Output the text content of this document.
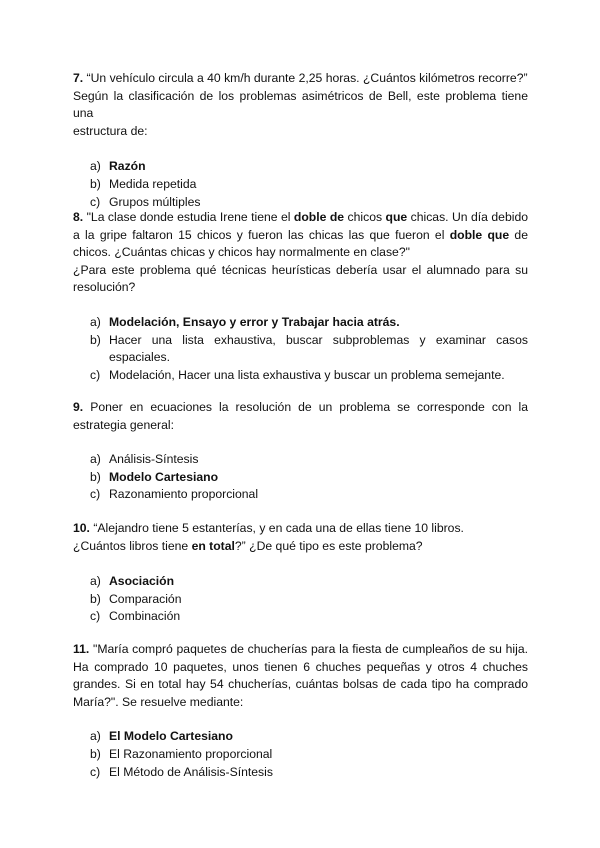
7. “Un vehículo circula a 40 km/h durante 2,25 horas. ¿Cuántos kilómetros recorre?”

Según la clasificación de los problemas asimétricos de Bell, este problema tiene una

estructura de:

a) Razón
b) Medida repetida
c) Grupos múltiples

8. "La clase donde estudia Irene tiene el doble de chicos que chicas. Un día debido

a la gripe faltaron 15 chicos y fueron las chicas las que fueron el doble que de

chicos. ¿Cuántas chicas y chicos hay normalmente en clase?"

¿Para este problema qué técnicas heurísticas debería usar el alumnado para su

resolución?

a) Modelación, Ensayo y error y Trabajar hacia atrás.
b) Hacer una lista exhaustiva, buscar subproblemas y examinar casos espaciales.
c) Modelación, Hacer una lista exhaustiva y buscar un problema semejante.

9. Poner en ecuaciones la resolución de un problema se corresponde con la

estrategia general:

a) Análisis-Síntesis
b) Modelo Cartesiano
c) Razonamiento proporcional

10. “Alejandro tiene 5 estanterías, y en cada una de ellas tiene 10 libros.

¿Cuántos libros tiene en total?” ¿De qué tipo es este problema?

a) Asociación
b) Comparación
c) Combinación

11. "María compró paquetes de chucherías para la fiesta de cumpleaños de su hija.

Ha comprado 10 paquetes, unos tienen 6 chuches pequeñas y otros 4 chuches

grandes. Si en total hay 54 chucherías, cuántas bolsas de cada tipo ha comprado

María?". Se resuelve mediante:

a) El Modelo Cartesiano
b) El Razonamiento proporcional
c) El Método de Análisis-Síntesis
